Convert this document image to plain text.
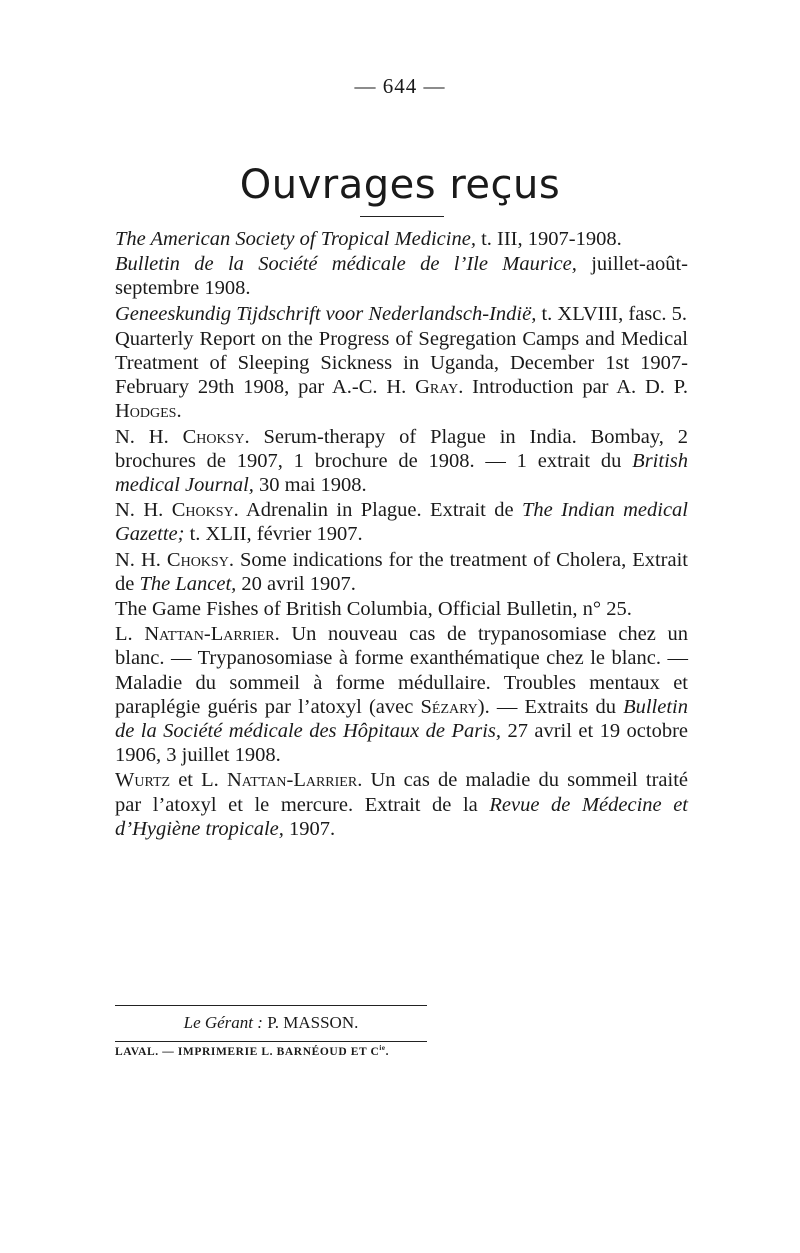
— 644 —
Ouvrages reçus
The American Society of Tropical Medicine, t. III, 1907-1908.
Bulletin de la Société médicale de l’Ile Maurice, juillet-août-septembre 1908.
Geneeskundig Tijdschrift voor Nederlandsch-Indië, t. XLVIII, fasc. 5.
Quarterly Report on the Progress of Segregation Camps and Medical Treatment of Sleeping Sickness in Uganda, December 1st 1907-February 29th 1908, par A.-C. H. Gray. Introduction par A. D. P. Hodges.
N. H. Choksy. Serum-therapy of Plague in India. Bombay, 2 brochures de 1907, 1 brochure de 1908. — 1 extrait du British medical Journal, 30 mai 1908.
N. H. Choksy. Adrenalin in Plague. Extrait de The Indian medical Gazette; t. XLII, février 1907.
N. H. Choksy. Some indications for the treatment of Cholera, Extrait de The Lancet, 20 avril 1907.
The Game Fishes of British Columbia, Official Bulletin, n° 25.
L. Nattan-Larrier. Un nouveau cas de trypanosomiase chez un blanc. — Trypanosomiase à forme exanthématique chez le blanc. — Maladie du sommeil à forme médullaire. Troubles mentaux et paraplégie guéris par l’atoxyl (avec Sézary). — Extraits du Bulletin de la Société médicale des Hôpitaux de Paris, 27 avril et 19 octobre 1906, 3 juillet 1908.
Wurtz et L. Nattan-Larrier. Un cas de maladie du sommeil traité par l’atoxyl et le mercure. Extrait de la Revue de Médecine et d’Hygiène tropicale, 1907.
Le Gérant : P. MASSON.
LAVAL. — IMPRIMERIE L. BARNÉOUD ET $C^{ie}$.
